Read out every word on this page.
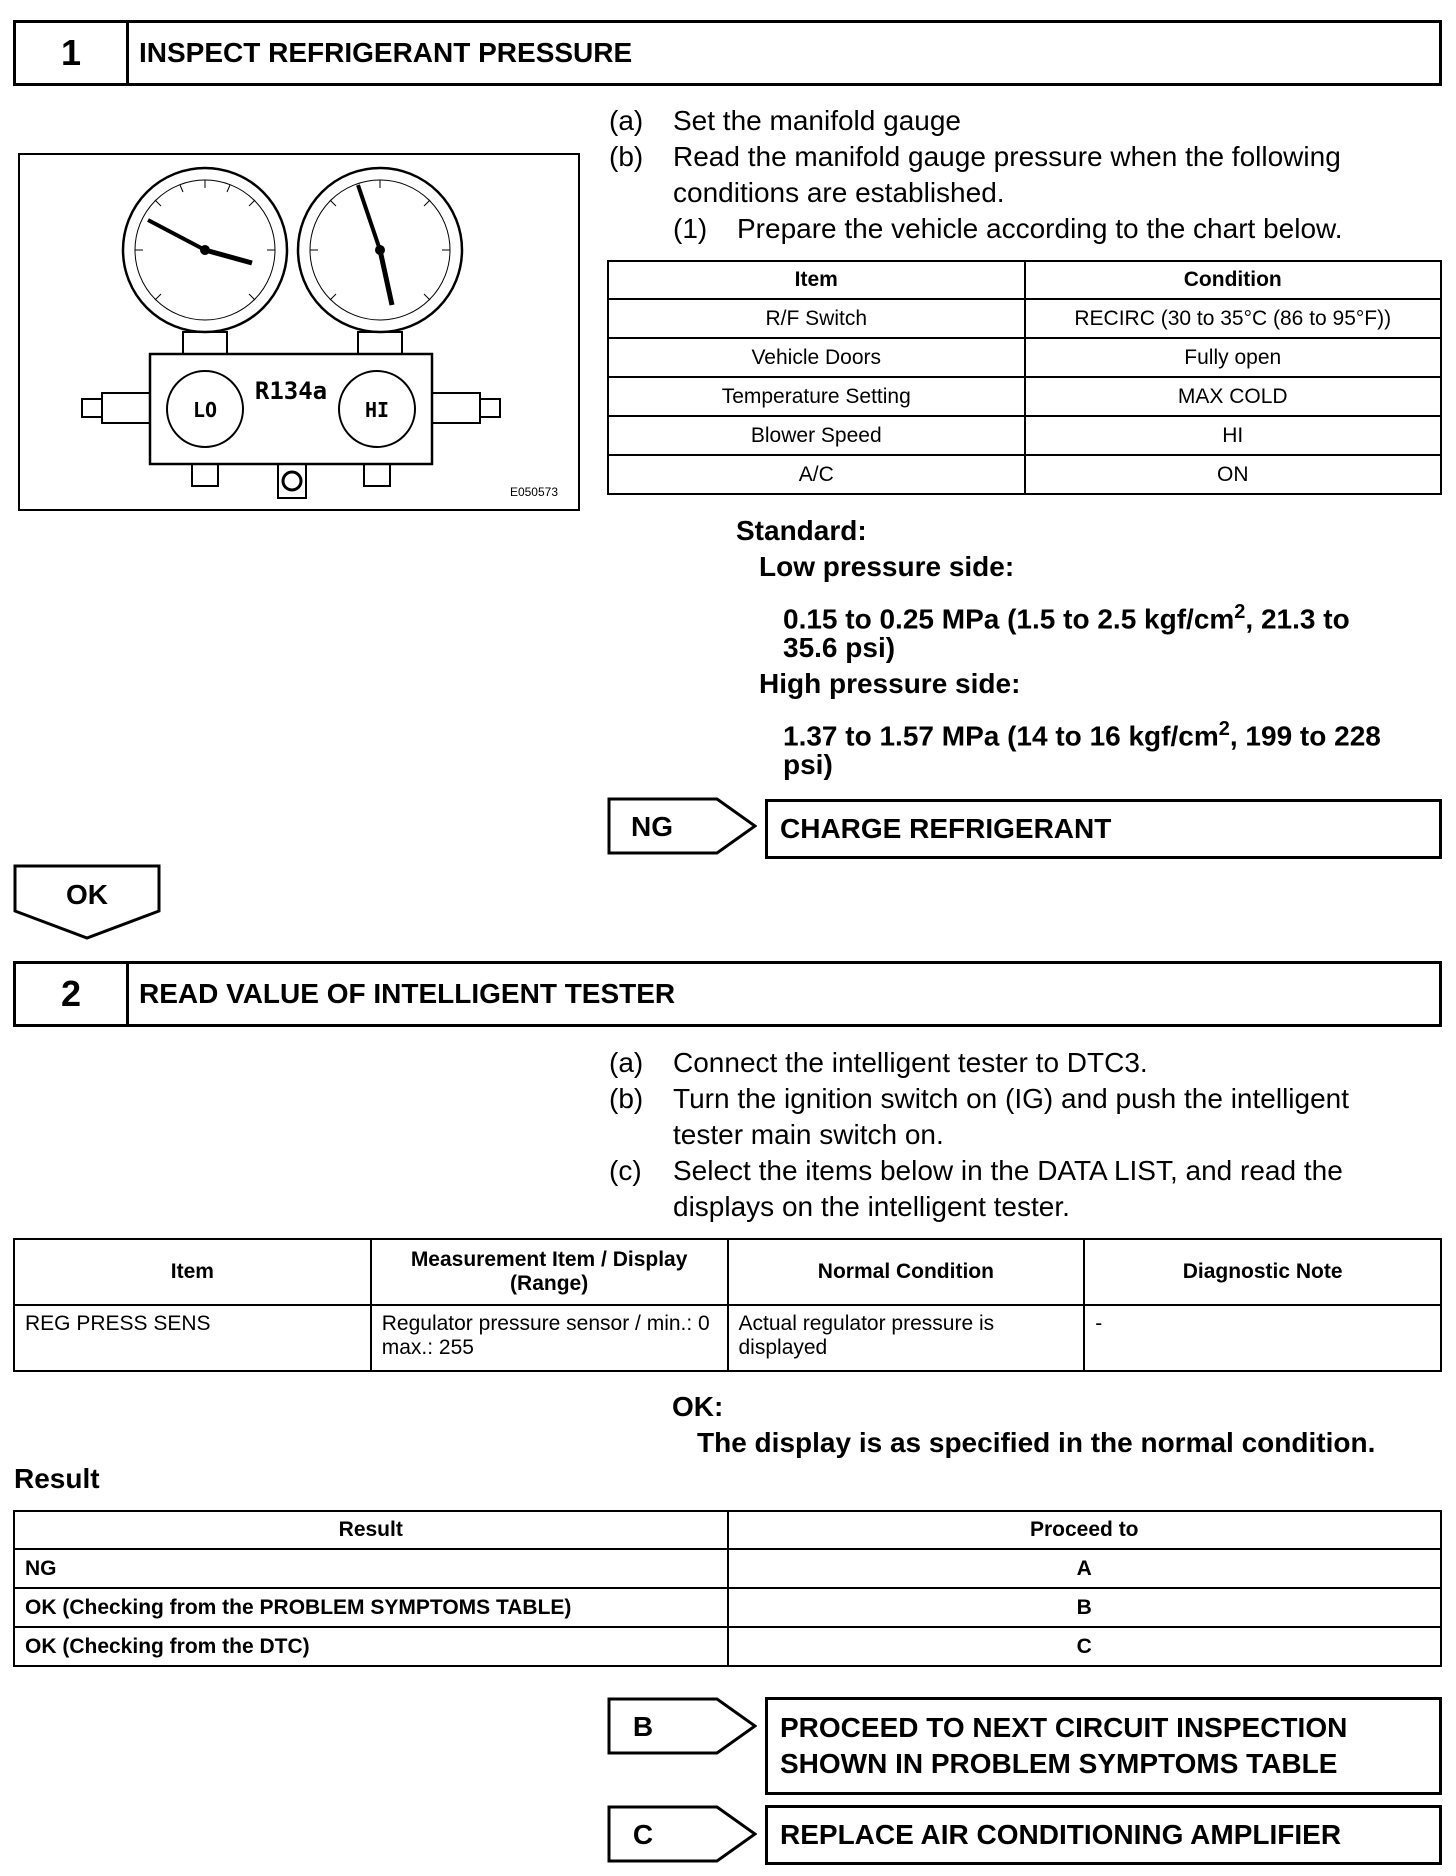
1	INSPECT REFRIGERANT PRESSURE
(a) Set the manifold gauge
(b) Read the manifold gauge pressure when the following
conditions are established.
(1) Prepare the vehicle according to the chart below.
LO	HI
R134a
E050573
Item	Condition
R/F Switch	RECIRC (30 to 35°C (86 to 95°F))
Vehicle Doors	Fully open
Temperature Setting	MAX COLD
Blower Speed	HI
A/C	ON
Standard:
Low pressure side:
0.15 to 0.25 MPa (1.5 to 2.5 kgf/$cm^2$, 21.3 to
35.6 psi)
High pressure side:
1.37 to 1.57 MPa (14 to 16 kgf/$cm^2$, 199 to 228
psi)
NG	CHARGE REFRIGERANT
OK
2	READ VALUE OF INTELLIGENT TESTER
(a) Connect the intelligent tester to DTC3.
(b) Turn the ignition switch on (IG) and push the intelligent
tester main switch on.
(c) Select the items below in the DATA LIST, and read the
displays on the intelligent tester.
Item	Measurement Item / Display (Range)	Normal Condition	Diagnostic Note
REG PRESS SENS	Regulator pressure sensor / min.: 0 max.: 255	Actual regulator pressure is displayed	-
OK:
The display is as specified in the normal condition.
Result
Result	Proceed to
NG	A
OK (Checking from the PROBLEM SYMPTOMS TABLE)	B
OK (Checking from the DTC)	C
B	PROCEED TO NEXT CIRCUIT INSPECTION
SHOWN IN PROBLEM SYMPTOMS TABLE
C	REPLACE AIR CONDITIONING AMPLIFIER
